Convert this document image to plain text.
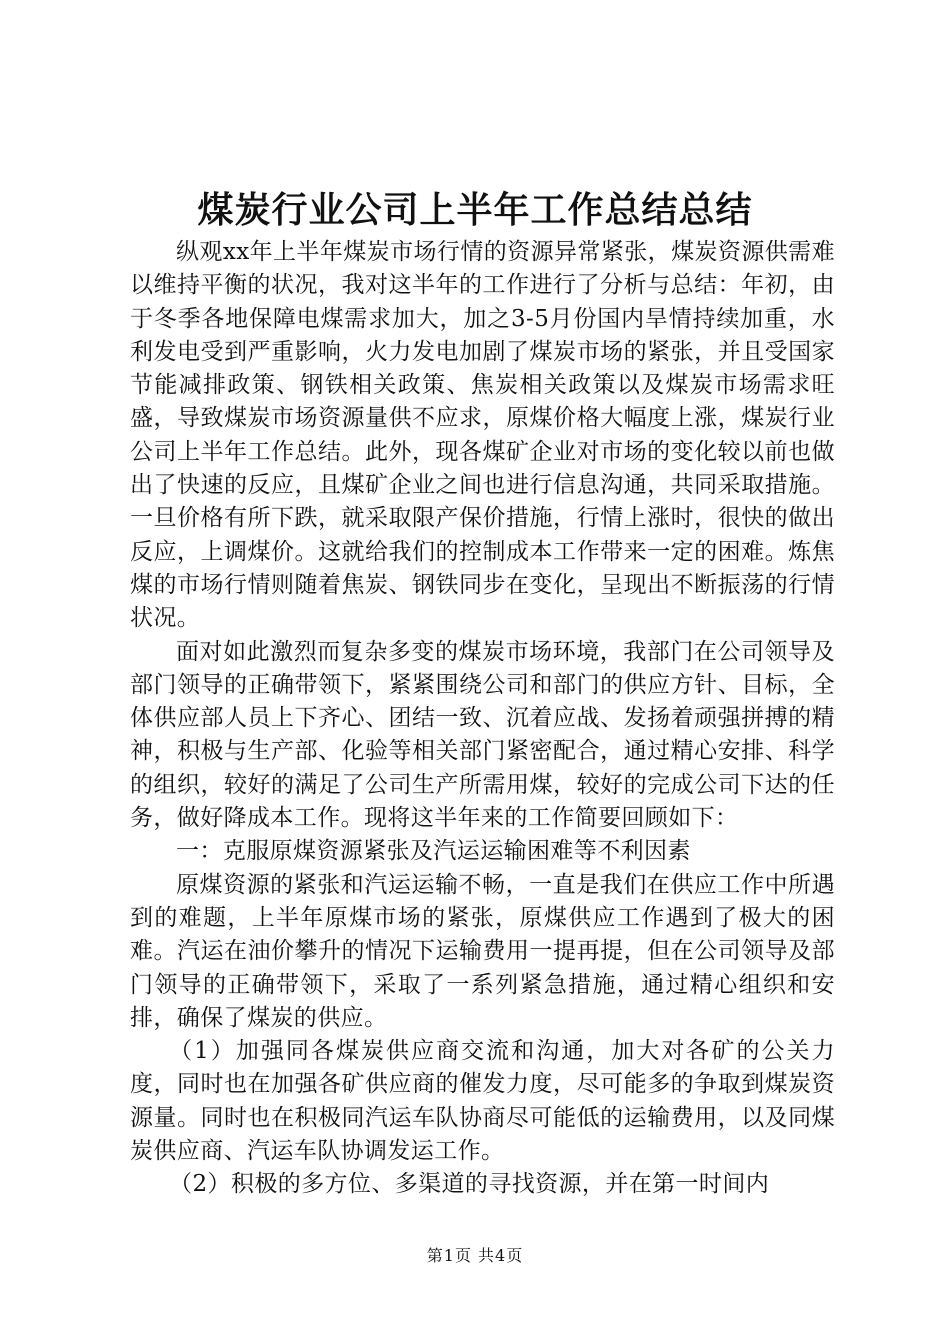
煤炭行业公司上半年工作总结总结

纵观xx年上半年煤炭市场行情的资源异常紧张，煤炭资源供需难以维持平衡的状况，我对这半年的工作进行了分析与总结：年初，由于冬季各地保障电煤需求加大，加之3-5月份国内旱情持续加重，水利发电受到严重影响，火力发电加剧了煤炭市场的紧张，并且受国家节能减排政策、钢铁相关政策、焦炭相关政策以及煤炭市场需求旺盛，导致煤炭市场资源量供不应求，原煤价格大幅度上涨，煤炭行业公司上半年工作总结。此外，现各煤矿企业对市场的变化较以前也做出了快速的反应，且煤矿企业之间也进行信息沟通，共同采取措施。一旦价格有所下跌，就采取限产保价措施，行情上涨时，很快的做出反应，上调煤价。这就给我们的控制成本工作带来一定的困难。炼焦煤的市场行情则随着焦炭、钢铁同步在变化，呈现出不断振荡的行情状况。

面对如此激烈而复杂多变的煤炭市场环境，我部门在公司领导及部门领导的正确带领下，紧紧围绕公司和部门的供应方针、目标，全体供应部人员上下齐心、团结一致、沉着应战、发扬着顽强拼搏的精神，积极与生产部、化验等相关部门紧密配合，通过精心安排、科学的组织，较好的满足了公司生产所需用煤，较好的完成公司下达的任务，做好降成本工作。现将这半年来的工作简要回顾如下：

一：克服原煤资源紧张及汽运运输困难等不利因素

原煤资源的紧张和汽运运输不畅，一直是我们在供应工作中所遇到的难题，上半年原煤市场的紧张，原煤供应工作遇到了极大的困难。汽运在油价攀升的情况下运输费用一提再提，但在公司领导及部门领导的正确带领下，采取了一系列紧急措施，通过精心组织和安排，确保了煤炭的供应。

（1）加强同各煤炭供应商交流和沟通，加大对各矿的公关力度，同时也在加强各矿供应商的催发力度，尽可能多的争取到煤炭资源量。同时也在积极同汽运车队协商尽可能低的运输费用，以及同煤炭供应商、汽运车队协调发运工作。

（2）积极的多方位、多渠道的寻找资源，并在第一时间内

第1页 共4页
